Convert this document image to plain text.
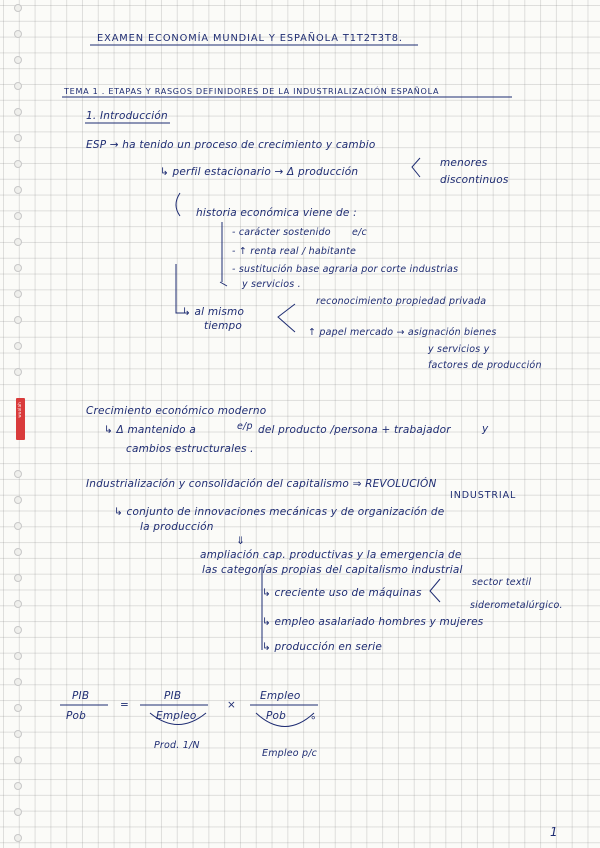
wuolah
EXAMEN ECONOMÍA MUNDIAL Y ESPAÑOLA T1T2T3T8.
TEMA 1 . ETAPAS Y RASGOS DEFINIDORES DE LA INDUSTRIALIZACIÓN ESPAÑOLA
1. Introducción
ESP → ha tenido un proceso de crecimiento y cambio
↳ perfil estacionario → Δ producción
menores
discontinuos
historia económica viene de :
- carácter sostenido e/c
- ↑ renta real / habitante
- sustitución base agraria por corte industrias
y servicios .
↳ al mismo
tiempo
reconocimiento propiedad privada
↑ papel mercado → asignación bienes
y servicios y
factores de producción
Crecimiento económico moderno
↳ Δ mantenido a	e/p del producto /persona + trabajador	y
cambios estructurales .
Industrialización y consolidación del capitalismo ⇒ REVOLUCIÓN
INDUSTRIAL
↳ conjunto de innovaciones mecánicas y de organización de
la producción
⇓
ampliación cap. productivas y la emergencia de
las categorías propias del capitalismo industrial
↳ creciente uso de máquinas
sector textil
siderometalúrgico.
↳ empleo asalariado hombres y mujeres
↳ producción en serie
PIB
Pob
=
PIB
Empleo
×
Empleo
Pob ∘
Prod. 1/N
Empleo p/c
1
